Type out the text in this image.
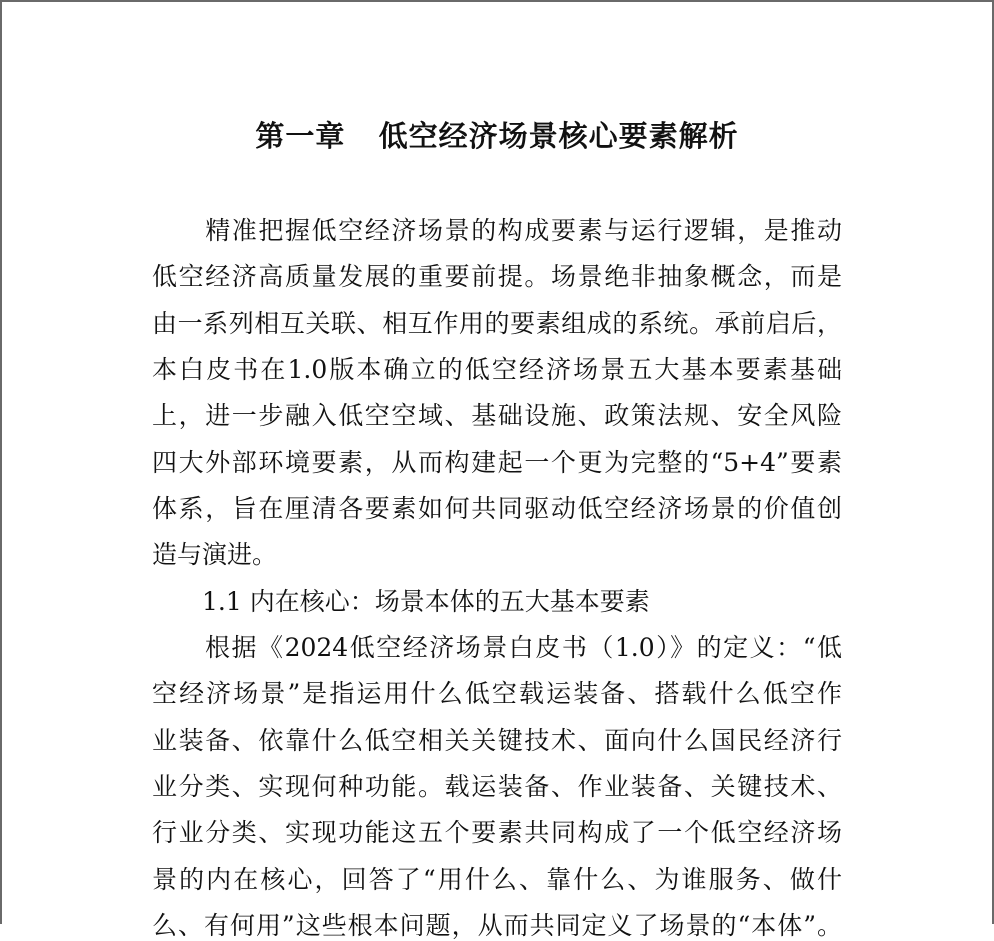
第一章   低空经济场景核心要素解析
　　精准把握低空经济场景的构成要素与运行逻辑，是推动
低空经济高质量发展的重要前提。场景绝非抽象概念，而是
由一系列相互关联、相互作用的要素组成的系统。承前启后，
本白皮书在1.0版本确立的低空经济场景五大基本要素基础
上，进一步融入低空空域、基础设施、政策法规、安全风险
四大外部环境要素，从而构建起一个更为完整的“5+4”要素
体系，旨在厘清各要素如何共同驱动低空经济场景的价值创
造与演进。
　　1.1 内在核心：场景本体的五大基本要素
　　根据《2024低空经济场景白皮书（1.0）》的定义：“低
空经济场景”是指运用什么低空载运装备、搭载什么低空作
业装备、依靠什么低空相关关键技术、面向什么国民经济行
业分类、实现何种功能。载运装备、作业装备、关键技术、
行业分类、实现功能这五个要素共同构成了一个低空经济场
景的内在核心，回答了“用什么、靠什么、为谁服务、做什
么、有何用”这些根本问题，从而共同定义了场景的“本体”。
